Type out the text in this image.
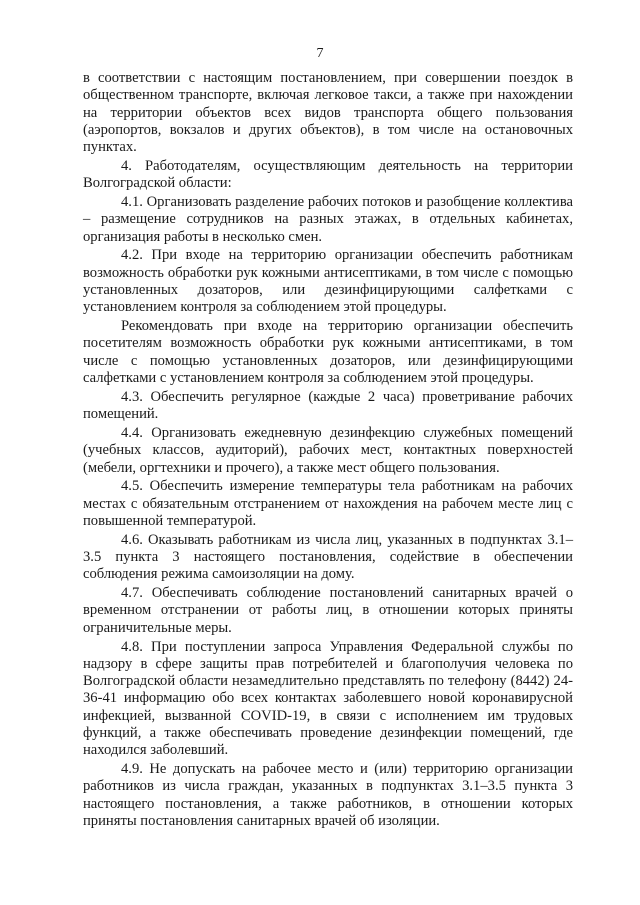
7

в соответствии с настоящим постановлением, при совершении поездок в общественном транспорте, включая легковое такси, а также при нахождении на территории объектов всех видов транспорта общего пользования (аэропортов, вокзалов и других объектов), в том числе на остановочных пунктах.

4. Работодателям, осуществляющим деятельность на территории Волгоградской области:

4.1. Организовать разделение рабочих потоков и разобщение коллектива – размещение сотрудников на разных этажах, в отдельных кабинетах, организация работы в несколько смен.

4.2. При входе на территорию организации обеспечить работникам возможность обработки рук кожными антисептиками, в том числе с помощью установленных дозаторов, или дезинфицирующими салфетками с установлением контроля за соблюдением этой процедуры.

Рекомендовать при входе на территорию организации обеспечить посетителям возможность обработки рук кожными антисептиками, в том числе с помощью установленных дозаторов, или дезинфицирующими салфетками с установлением контроля за соблюдением этой процедуры.

4.3. Обеспечить регулярное (каждые 2 часа) проветривание рабочих помещений.

4.4. Организовать ежедневную дезинфекцию служебных помещений (учебных классов, аудиторий), рабочих мест, контактных поверхностей (мебели, оргтехники и прочего), а также мест общего пользования.

4.5. Обеспечить измерение температуры тела работникам на рабочих местах с обязательным отстранением от нахождения на рабочем месте лиц с повышенной температурой.

4.6. Оказывать работникам из числа лиц, указанных в подпунктах 3.1–3.5 пункта 3 настоящего постановления, содействие в обеспечении соблюдения режима самоизоляции на дому.

4.7. Обеспечивать соблюдение постановлений санитарных врачей о временном отстранении от работы лиц, в отношении которых приняты ограничительные меры.

4.8. При поступлении запроса Управления Федеральной службы по надзору в сфере защиты прав потребителей и благополучия человека по Волгоградской области незамедлительно представлять по телефону (8442) 24-36-41 информацию обо всех контактах заболевшего новой коронавирусной инфекцией, вызванной COVID-19, в связи с исполнением им трудовых функций, а также обеспечивать проведение дезинфекции помещений, где находился заболевший.

4.9. Не допускать на рабочее место и (или) территорию организации работников из числа граждан, указанных в подпунктах 3.1–3.5 пункта 3 настоящего постановления, а также работников, в отношении которых приняты постановления санитарных врачей об изоляции.
